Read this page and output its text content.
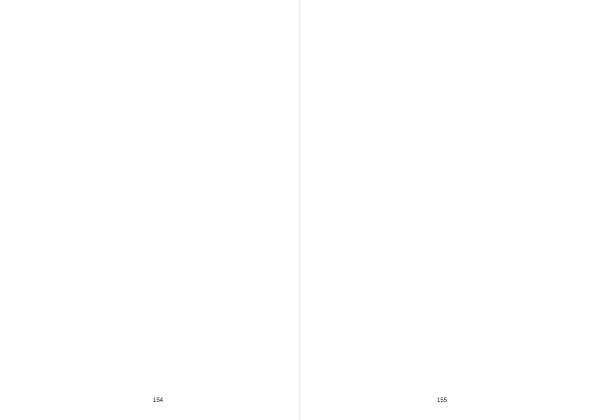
154	155
